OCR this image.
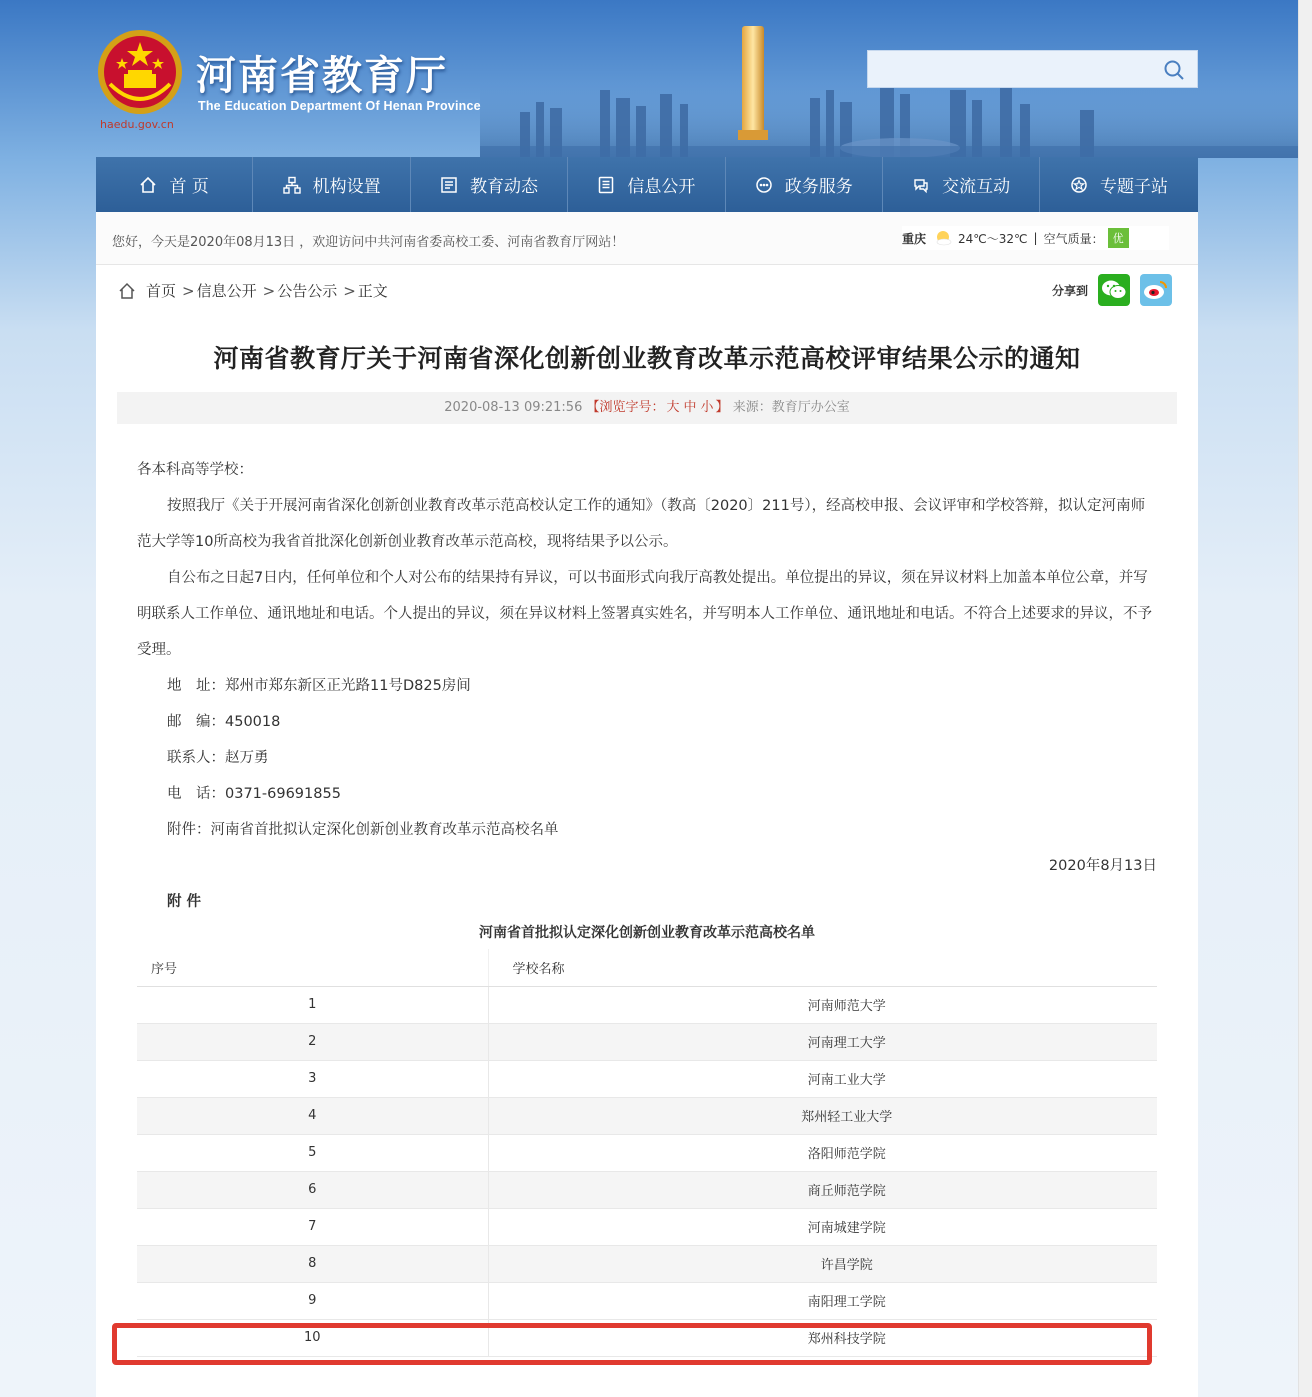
haedu.gov.cn
河南省教育厅
The Education Department Of Henan Province
首 页	机构设置	教育动态	信息公开	政务服务	交流互动	专题子站
您好，今天是2020年08月13日 ，欢迎访问中共河南省委高校工委、河南省教育厅网站！	重庆	24℃～32℃ | 空气质量： 优
首页 > 信息公开 > 公告公示 > 正文	分享到
河南省教育厅关于河南省深化创新创业教育改革示范高校评审结果公示的通知
2020-08-13 09:21:56 【浏览字号： 大 中 小 】 来源：教育厅办公室

各本科高等学校：

按照我厅《关于开展河南省深化创新创业教育改革示范高校认定工作的通知》（教高〔2020〕211号），经高校申报、会议评审和学校答辩，拟认定河南师范大学等10所高校为我省首批深化创新创业教育改革示范高校，现将结果予以公示。

自公布之日起7日内，任何单位和个人对公布的结果持有异议，可以书面形式向我厅高教处提出。单位提出的异议，须在异议材料上加盖本单位公章，并写明联系人工作单位、通讯地址和电话。个人提出的异议，须在异议材料上签署真实姓名，并写明本人工作单位、通讯地址和电话。不符合上述要求的异议，不予受理。

地　址：郑州市郑东新区正光路11号D825房间

邮　编：450018

联系人：赵万勇

电　话：0371-69691855

附件：河南省首批拟认定深化创新创业教育改革示范高校名单

2020年8月13日

附 件

河南省首批拟认定深化创新创业教育改革示范高校名单
序号	学校名称
1	河南师范大学
2	河南理工大学
3	河南工业大学
4	郑州轻工业大学
5	洛阳师范学院
6	商丘师范学院
7	河南城建学院
8	许昌学院
9	南阳理工学院
10	郑州科技学院
